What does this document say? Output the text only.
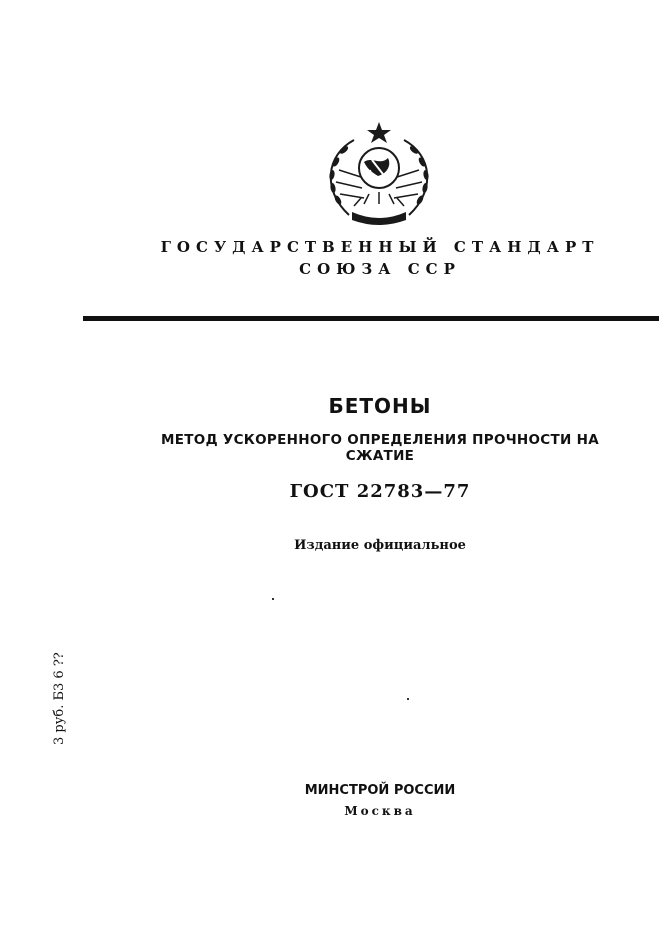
ГОСУДАРСТВЕННЫЙ СТАНДАРТ
СОЮЗА ССР
БЕТОНЫ
МЕТОД УСКОРЕННОГО ОПРЕДЕЛЕНИЯ ПРОЧНОСТИ НА СЖАТИЕ
ГОСТ 22783—77
Издание официальное
3 руб. Б3 6 ??
МИНСТРОЙ РОССИИ
Москва
